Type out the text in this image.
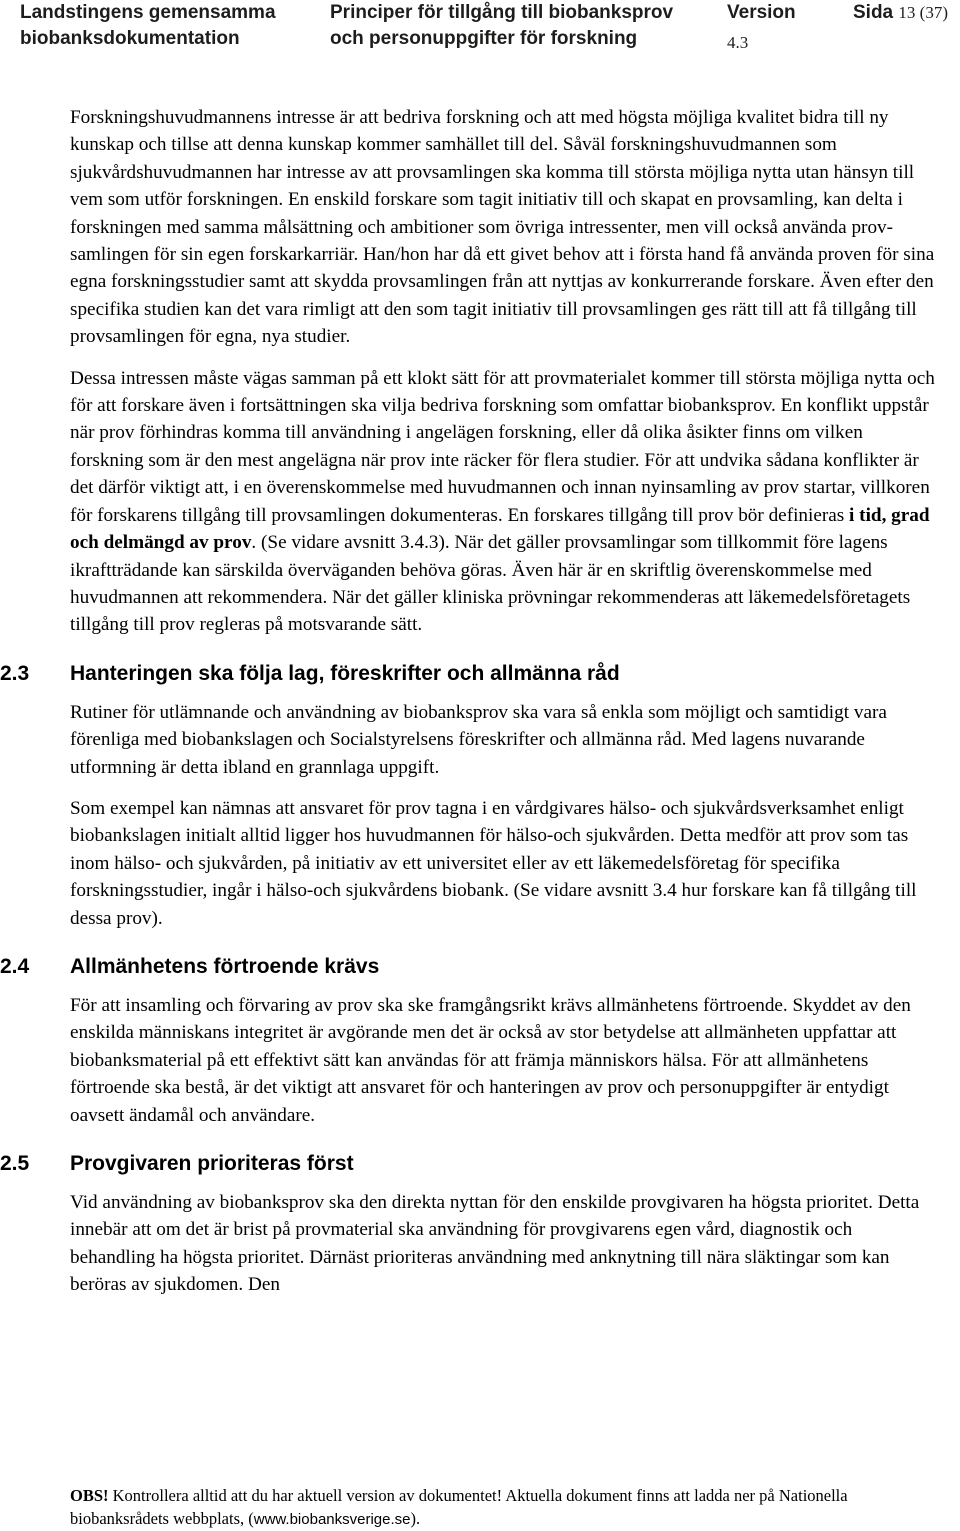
Landstingens gemensamma
biobanksdokumentation
Principer för tillgång till biobanksprov
och personuppgifter för forskning
Version
4.3
Sida 13 (37)

Forskningshuvudmannens intresse är att bedriva forskning och att med högsta möjliga kvalitet bidra till ny kunskap och tillse att denna kunskap kommer samhället till del. Såväl forskningshuvudmannen som sjukvårdshuvudmannen har intresse av att provsamlingen ska komma till största möjliga nytta utan hänsyn till vem som utför forskningen. En enskild forskare som tagit initiativ till och skapat en provsamling, kan delta i forskningen med samma målsättning och ambitioner som övriga intressenter, men vill också använda prov-samlingen för sin egen forskarkarriär. Han/hon har då ett givet behov att i första hand få använda proven för sina egna forskningsstudier samt att skydda provsamlingen från att nyttjas av konkurrerande forskare. Även efter den specifika studien kan det vara rimligt att den som tagit initiativ till provsamlingen ges rätt till att få tillgång till provsamlingen för egna, nya studier.

Dessa intressen måste vägas samman på ett klokt sätt för att provmaterialet kommer till största möjliga nytta och för att forskare även i fortsättningen ska vilja bedriva forskning som omfattar biobanksprov. En konflikt uppstår när prov förhindras komma till användning i angelägen forskning, eller då olika åsikter finns om vilken forskning som är den mest angelägna när prov inte räcker för flera studier. För att undvika sådana konflikter är det därför viktigt att, i en överenskommelse med huvudmannen och innan nyinsamling av prov startar, villkoren för forskarens tillgång till provsamlingen dokumenteras. En forskares tillgång till prov bör definieras i tid, grad och delmängd av prov. (Se vidare avsnitt 3.4.3). När det gäller provsamlingar som tillkommit före lagens ikraftträdande kan särskilda överväganden behöva göras. Även här är en skriftlig överenskommelse med huvudmannen att rekommendera. När det gäller kliniska prövningar rekommenderas att läkemedelsföretagets tillgång till prov regleras på motsvarande sätt.

2.3 Hanteringen ska följa lag, föreskrifter och allmänna råd

Rutiner för utlämnande och användning av biobanksprov ska vara så enkla som möjligt och samtidigt vara förenliga med biobankslagen och Socialstyrelsens föreskrifter och allmänna råd. Med lagens nuvarande utformning är detta ibland en grannlaga uppgift.

Som exempel kan nämnas att ansvaret för prov tagna i en vårdgivares hälso- och sjukvårdsverksamhet enligt biobankslagen initialt alltid ligger hos huvudmannen för hälso-och sjukvården. Detta medför att prov som tas inom hälso- och sjukvården, på initiativ av ett universitet eller av ett läkemedelsföretag för specifika forskningsstudier, ingår i hälso-och sjukvårdens biobank. (Se vidare avsnitt 3.4 hur forskare kan få tillgång till dessa prov).

2.4 Allmänhetens förtroende krävs

För att insamling och förvaring av prov ska ske framgångsrikt krävs allmänhetens förtroende. Skyddet av den enskilda människans integritet är avgörande men det är också av stor betydelse att allmänheten uppfattar att biobanksmaterial på ett effektivt sätt kan användas för att främja människors hälsa. För att allmänhetens förtroende ska bestå, är det viktigt att ansvaret för och hanteringen av prov och personuppgifter är entydigt oavsett ändamål och användare.

2.5 Provgivaren prioriteras först

Vid användning av biobanksprov ska den direkta nyttan för den enskilde provgivaren ha högsta prioritet. Detta innebär att om det är brist på provmaterial ska användning för provgivarens egen vård, diagnostik och behandling ha högsta prioritet. Därnäst prioriteras användning med anknytning till nära släktingar som kan beröras av sjukdomen. Den

OBS! Kontrollera alltid att du har aktuell version av dokumentet! Aktuella dokument finns att ladda ner på Nationella biobanksrådets webbplats, (www.biobanksverige.se).
